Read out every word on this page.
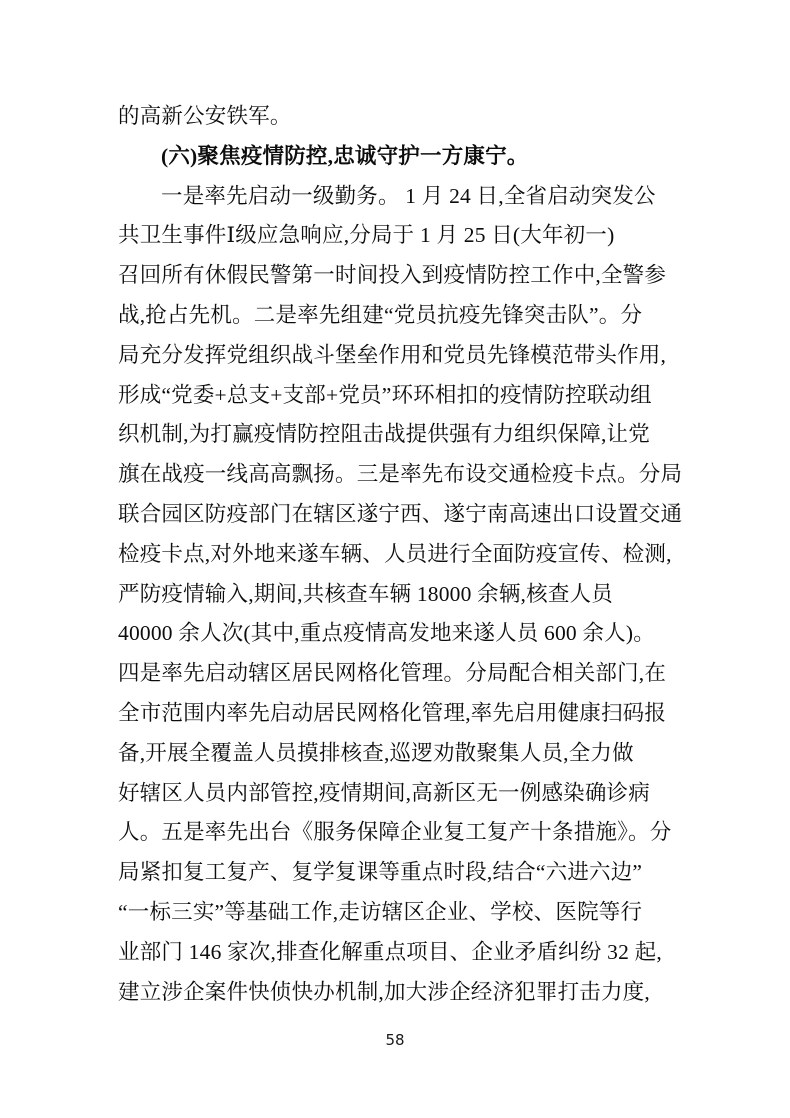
的高新公安铁军。
(六)聚焦疫情防控,忠诚守护一方康宁。
一是率先启动一级勤务。 1 月 24 日,全省启动突发公
共卫生事件Ⅰ级应急响应,分局于 1 月 25 日(大年初一)
召回所有休假民警第一时间投入到疫情防控工作中,全警参
战,抢占先机。二是率先组建“党员抗疫先锋突击队”。分
局充分发挥党组织战斗堡垒作用和党员先锋模范带头作用,
形成“党委+总支+支部+党员”环环相扣的疫情防控联动组
织机制,为打赢疫情防控阻击战提供强有力组织保障,让党
旗在战疫一线高高飘扬。三是率先布设交通检疫卡点。分局
联合园区防疫部门在辖区遂宁西、遂宁南高速出口设置交通
检疫卡点,对外地来遂车辆、人员进行全面防疫宣传、检测,
严防疫情输入,期间,共核查车辆 18000 余辆,核查人员
40000 余人次(其中,重点疫情高发地来遂人员 600 余人)。
四是率先启动辖区居民网格化管理。分局配合相关部门,在
全市范围内率先启动居民网格化管理,率先启用健康扫码报
备,开展全覆盖人员摸排核查,巡逻劝散聚集人员,全力做
好辖区人员内部管控,疫情期间,高新区无一例感染确诊病
人。五是率先出台《服务保障企业复工复产十条措施》。分
局紧扣复工复产、复学复课等重点时段,结合“六进六边”
“一标三实”等基础工作,走访辖区企业、学校、医院等行
业部门 146 家次,排查化解重点项目、企业矛盾纠纷 32 起,
建立涉企案件快侦快办机制,加大涉企经济犯罪打击力度,
58
